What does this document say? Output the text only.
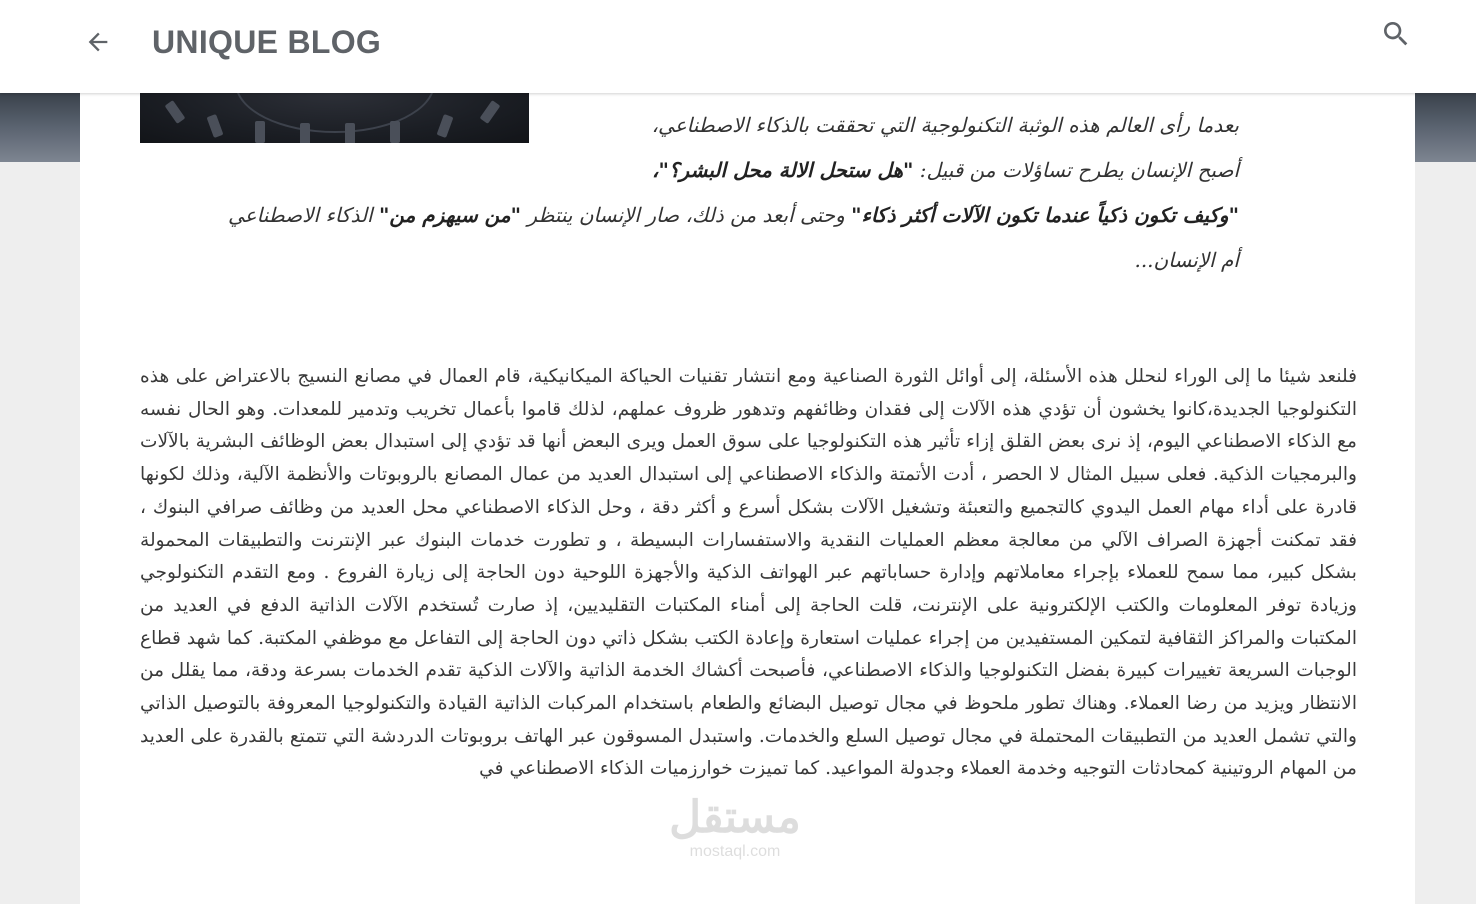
UNIQUE BLOG

بعدما رأى العالم هذه الوثبة التكنولوجية التي تحققت بالذكاء الاصطناعي،

أصبح الإنسان يطرح تساؤلات من قبيل: "هل ستحل الالة محل البشر؟"،

"وكيف تكون ذكياً عندما تكون الآلات أكثر ذكاء" وحتى أبعد من ذلك، صار الإنسان ينتظر "من سيهزم من" الذكاء الاصطناعي أم الإنسان...

فلنعد شيئا ما إلى الوراء لنحلل هذه الأسئلة، إلى أوائل الثورة الصناعية ومع انتشار تقنيات الحياكة الميكانيكية، قام العمال في مصانع النسيج بالاعتراض على هذه التكنولوجيا الجديدة،كانوا يخشون أن تؤدي هذه الآلات إلى فقدان وظائفهم وتدهور ظروف عملهم، لذلك قاموا بأعمال تخريب وتدمير للمعدات. وهو الحال نفسه مع الذكاء الاصطناعي اليوم، إذ نرى بعض القلق إزاء تأثير هذه التكنولوجيا على سوق العمل ويرى البعض أنها قد تؤدي إلى استبدال بعض الوظائف البشرية بالآلات والبرمجيات الذكية. فعلى سبيل المثال لا الحصر ، أدت الأتمتة والذكاء الاصطناعي إلى استبدال العديد من عمال المصانع بالروبوتات والأنظمة الآلية، وذلك لكونها قادرة على أداء مهام العمل اليدوي كالتجميع والتعبئة وتشغيل الآلات بشكل أسرع و أكثر دقة ، وحل الذكاء الاصطناعي محل العديد من وظائف صرافي البنوك ، فقد تمكنت أجهزة الصراف الآلي من معالجة معظم العمليات النقدية والاستفسارات البسيطة ، و تطورت خدمات البنوك عبر الإنترنت والتطبيقات المحمولة بشكل كبير، مما سمح للعملاء بإجراء معاملاتهم وإدارة حساباتهم عبر الهواتف الذكية والأجهزة اللوحية دون الحاجة إلى زيارة الفروع . ومع التقدم التكنولوجي وزيادة توفر المعلومات والكتب الإلكترونية على الإنترنت، قلت الحاجة إلى أمناء المكتبات التقليديين، إذ صارت تُستخدم الآلات الذاتية الدفع في العديد من المكتبات والمراكز الثقافية لتمكين المستفيدين من إجراء عمليات استعارة وإعادة الكتب بشكل ذاتي دون الحاجة إلى التفاعل مع موظفي المكتبة. كما شهد قطاع الوجبات السريعة تغييرات كبيرة بفضل التكنولوجيا والذكاء الاصطناعي، فأصبحت أكشاك الخدمة الذاتية والآلات الذكية تقدم الخدمات بسرعة ودقة، مما يقلل من الانتظار ويزيد من رضا العملاء. وهناك تطور ملحوظ في مجال توصيل البضائع والطعام باستخدام المركبات الذاتية القيادة والتكنولوجيا المعروفة بالتوصيل الذاتي والتي تشمل العديد من التطبيقات المحتملة في مجال توصيل السلع والخدمات. واستبدل المسوقون عبر الهاتف بروبوتات الدردشة التي تتمتع بالقدرة على العديد من المهام الروتينية كمحادثات التوجيه وخدمة العملاء وجدولة المواعيد. كما تميزت خوارزميات الذكاء الاصطناعي في
مستقل
mostaql.com
